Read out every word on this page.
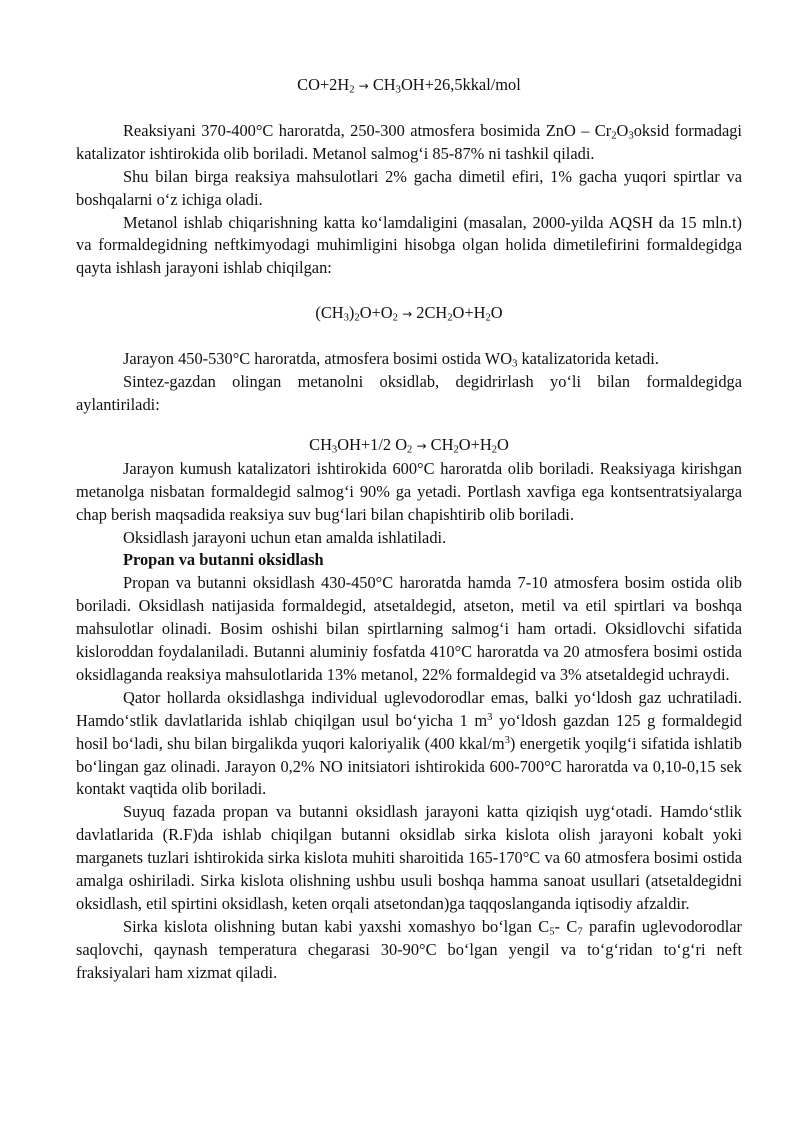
$CO+2H_2$ → $CH_3OH+26,5kkal$/mol

Reaksiyani 370-400°C haroratda, 250-300 atmosfera bosimida ZnO – $Cr_2O_3oksid$ formadagi katalizator ishtirokida olib boriladi. Metanol salmogʻi 85-87% ni tashkil qiladi.

Shu bilan birga reaksiya mahsulotlari 2% gacha dimetil efiri, 1% gacha yuqori spirtlar va boshqalarni oʻz ichiga oladi.

Metanol ishlab chiqarishning katta koʻlamdaligini (masalan, 2000-yilda AQSH da 15 mln.t) va formaldegidning neftkimyodagi muhimligini hisobga olgan holida dimetilefirini formaldegidga qayta ishlash jarayoni ishlab chiqilgan:

$(CH_3)_2O+O_2 \to 2CH_2O+H_2O$

Jarayon 450-530°C haroratda, atmosfera bosimi ostida $WO_3$ katalizatorida ketadi.

Sintez-gazdan olingan metanolni oksidlab, degidrirlash yoʻli bilan formaldegidga aylantiriladi:

$CH_3OH+1/2$ $O_2 \to CH_2O+H_2O$

Jarayon kumush katalizatori ishtirokida 600°C haroratda olib boriladi. Reaksiyaga kirishgan metanolga nisbatan formaldegid salmogʻi 90% ga yetadi. Portlash xavfiga ega kontsentratsiyalarga chap berish maqsadida reaksiya suv bugʻlari bilan chapishtirib olib boriladi.

Oksidlash jarayoni uchun etan amalda ishlatiladi.

Propan va butanni oksidlash

Propan va butanni oksidlash 430-450°C haroratda hamda 7-10 atmosfera bosim ostida olib boriladi. Oksidlash natijasida formaldegid, atsetaldegid, atseton, metil va etil spirtlari va boshqa mahsulotlar olinadi. Bosim oshishi bilan spirtlarning salmogʻi ham ortadi. Oksidlovchi sifatida kisloroddan foydalaniladi. Butanni aluminiy fosfatda 410°C haroratda va 20 atmosfera bosimi ostida oksidlaganda reaksiya mahsulotlarida 13% metanol, 22% formaldegid va 3% atsetaldegid uchraydi.

Qator hollarda oksidlashga individual uglevodorodlar emas, balki yoʻldosh gaz uchratiladi. Hamdoʻstlik davlatlarida ishlab chiqilgan usul boʻyicha 1 $m^3$ yoʻldosh gazdan 125 g formaldegid hosil boʻladi, shu bilan birgalikda yuqori kaloriyalik (400 kkal/$m^3$) energetik yoqilgʻi sifatida ishlatib boʻlingan gaz olinadi. Jarayon 0,2% NO initsiatori ishtirokida 600-700°C haroratda va 0,10-0,15 sek kontakt vaqtida olib boriladi.

Suyuq fazada propan va butanni oksidlash jarayoni katta qiziqish uygʻotadi. Hamdoʻstlik davlatlarida (R.F)da ishlab chiqilgan butanni oksidlab sirka kislota olish jarayoni kobalt yoki marganets tuzlari ishtirokida sirka kislota muhiti sharoitida 165-170°C va 60 atmosfera bosimi ostida amalga oshiriladi. Sirka kislota olishning ushbu usuli boshqa hamma sanoat usullari (atsetaldegidni oksidlash, etil spirtini oksidlash, keten orqali atsetondan)ga taqqoslanganda iqtisodiy afzaldir.

Sirka kislota olishning butan kabi yaxshi xomashyo boʻlgan $C_5-$ $C_7$ parafin uglevodorodlar saqlovchi, qaynash temperatura chegarasi 30-90°C boʻlgan yengil va toʻgʻridan toʻgʻri neft fraksiyalari ham xizmat qiladi.
